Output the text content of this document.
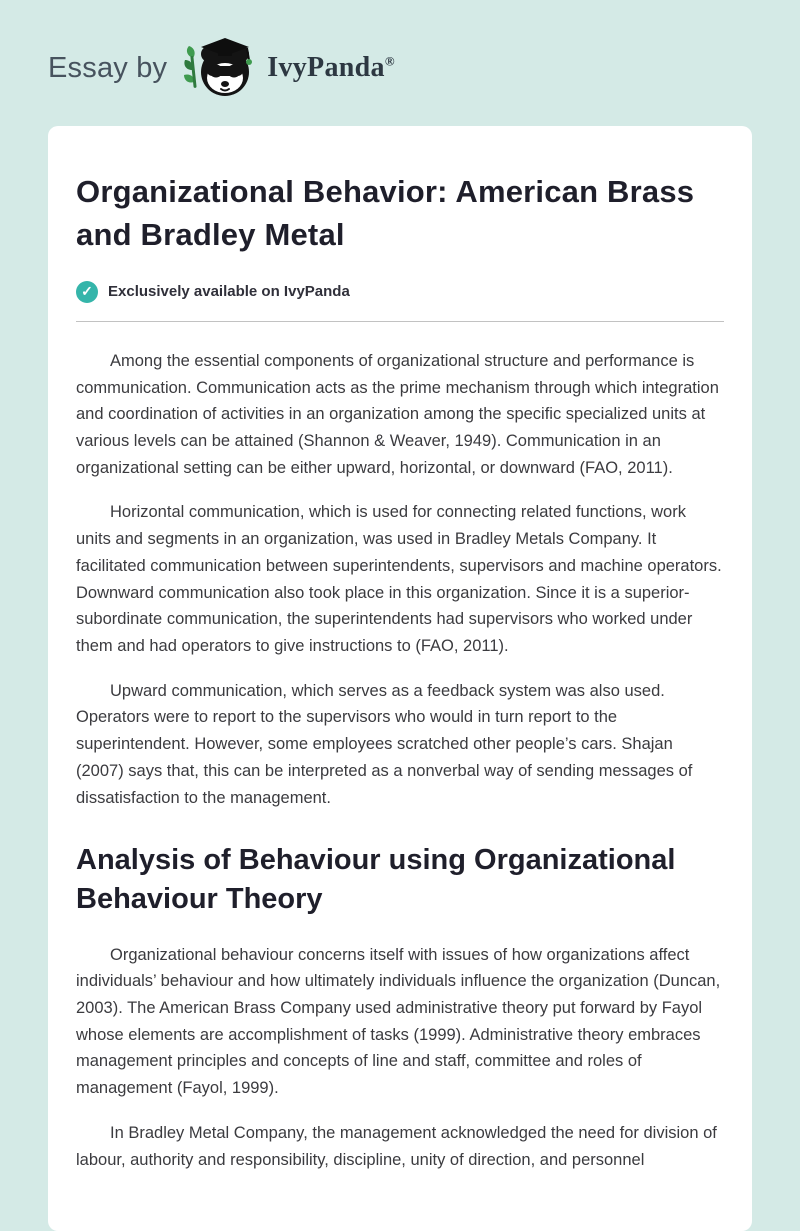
Essay by	IvyPanda®
Organizational Behavior: American Brass and Bradley Metal
✓	Exclusively available on IvyPanda

Among the essential components of organizational structure and performance is communication. Communication acts as the prime mechanism through which integration and coordination of activities in an organization among the specific specialized units at various levels can be attained (Shannon & Weaver, 1949). Communication in an organizational setting can be either upward, horizontal, or downward (FAO, 2011).

Horizontal communication, which is used for connecting related functions, work units and segments in an organization, was used in Bradley Metals Company. It facilitated communication between superintendents, supervisors and machine operators. Downward communication also took place in this organization. Since it is a superior-subordinate communication, the superintendents had supervisors who worked under them and had operators to give instructions to (FAO, 2011).

Upward communication, which serves as a feedback system was also used. Operators were to report to the supervisors who would in turn report to the superintendent. However, some employees scratched other people’s cars. Shajan (2007) says that, this can be interpreted as a nonverbal way of sending messages of dissatisfaction to the management.

Analysis of Behaviour using Organizational Behaviour Theory

Organizational behaviour concerns itself with issues of how organizations affect individuals’ behaviour and how ultimately individuals influence the organization (Duncan, 2003). The American Brass Company used administrative theory put forward by Fayol whose elements are accomplishment of tasks (1999). Administrative theory embraces management principles and concepts of line and staff, committee and roles of management (Fayol, 1999).

In Bradley Metal Company, the management acknowledged the need for division of labour, authority and responsibility, discipline, unity of direction, and personnel
